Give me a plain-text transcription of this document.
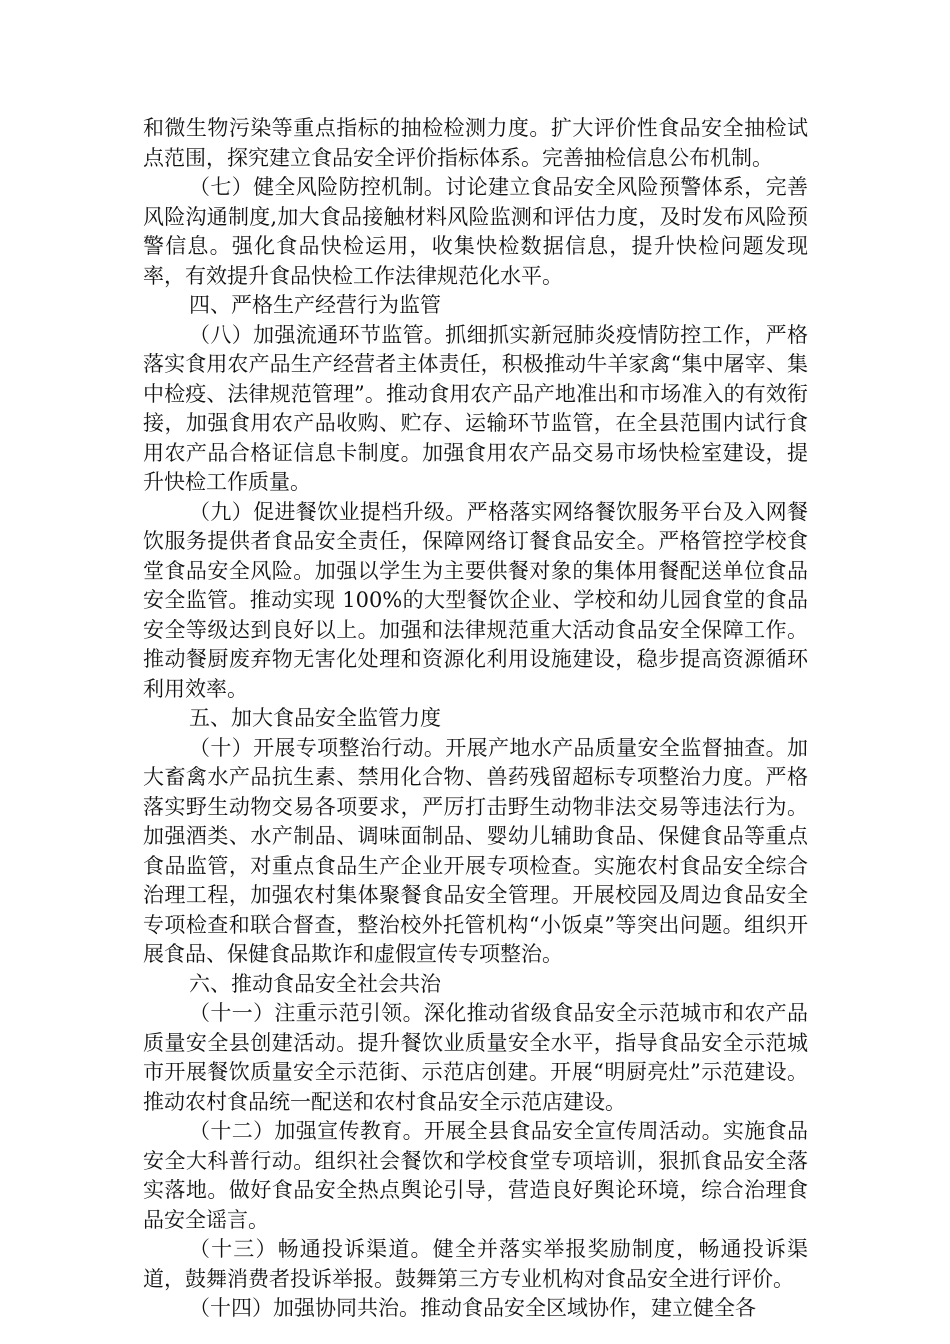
和微生物污染等重点指标的抽检检测力度。扩大评价性食品安全抽检试点范围，探究建立食品安全评价指标体系。完善抽检信息公布机制。

（七）健全风险防控机制。讨论建立食品安全风险预警体系，完善风险沟通制度,加大食品接触材料风险监测和评估力度，及时发布风险预警信息。强化食品快检运用，收集快检数据信息，提升快检问题发现率，有效提升食品快检工作法律规范化水平。

四、严格生产经营行为监管

（八）加强流通环节监管。抓细抓实新冠肺炎疫情防控工作，严格落实食用农产品生产经营者主体责任，积极推动牛羊家禽“集中屠宰、集中检疫、法律规范管理”。推动食用农产品产地准出和市场准入的有效衔接，加强食用农产品收购、贮存、运输环节监管，在全县范围内试行食用农产品合格证信息卡制度。加强食用农产品交易市场快检室建设，提升快检工作质量。

（九）促进餐饮业提档升级。严格落实网络餐饮服务平台及入网餐饮服务提供者食品安全责任，保障网络订餐食品安全。严格管控学校食堂食品安全风险。加强以学生为主要供餐对象的集体用餐配送单位食品安全监管。推动实现 100%的大型餐饮企业、学校和幼儿园食堂的食品安全等级达到良好以上。加强和法律规范重大活动食品安全保障工作。推动餐厨废弃物无害化处理和资源化利用设施建设，稳步提高资源循环利用效率。

五、加大食品安全监管力度

（十）开展专项整治行动。开展产地水产品质量安全监督抽查。加大畜禽水产品抗生素、禁用化合物、兽药残留超标专项整治力度。严格落实野生动物交易各项要求，严厉打击野生动物非法交易等违法行为。加强酒类、水产制品、调味面制品、婴幼儿辅助食品、保健食品等重点食品监管，对重点食品生产企业开展专项检查。实施农村食品安全综合治理工程，加强农村集体聚餐食品安全管理。开展校园及周边食品安全专项检查和联合督查，整治校外托管机构“小饭桌”等突出问题。组织开展食品、保健食品欺诈和虚假宣传专项整治。

六、推动食品安全社会共治

（十一）注重示范引领。深化推动省级食品安全示范城市和农产品质量安全县创建活动。提升餐饮业质量安全水平，指导食品安全示范城市开展餐饮质量安全示范街、示范店创建。开展“明厨亮灶”示范建设。推动农村食品统一配送和农村食品安全示范店建设。

（十二）加强宣传教育。开展全县食品安全宣传周活动。实施食品安全大科普行动。组织社会餐饮和学校食堂专项培训，狠抓食品安全落实落地。做好食品安全热点舆论引导，营造良好舆论环境，综合治理食品安全谣言。

（十三）畅通投诉渠道。健全并落实举报奖励制度，畅通投诉渠道，鼓舞消费者投诉举报。鼓舞第三方专业机构对食品安全进行评价。

（十四）加强协同共治。推动食品安全区域协作，建立健全各
